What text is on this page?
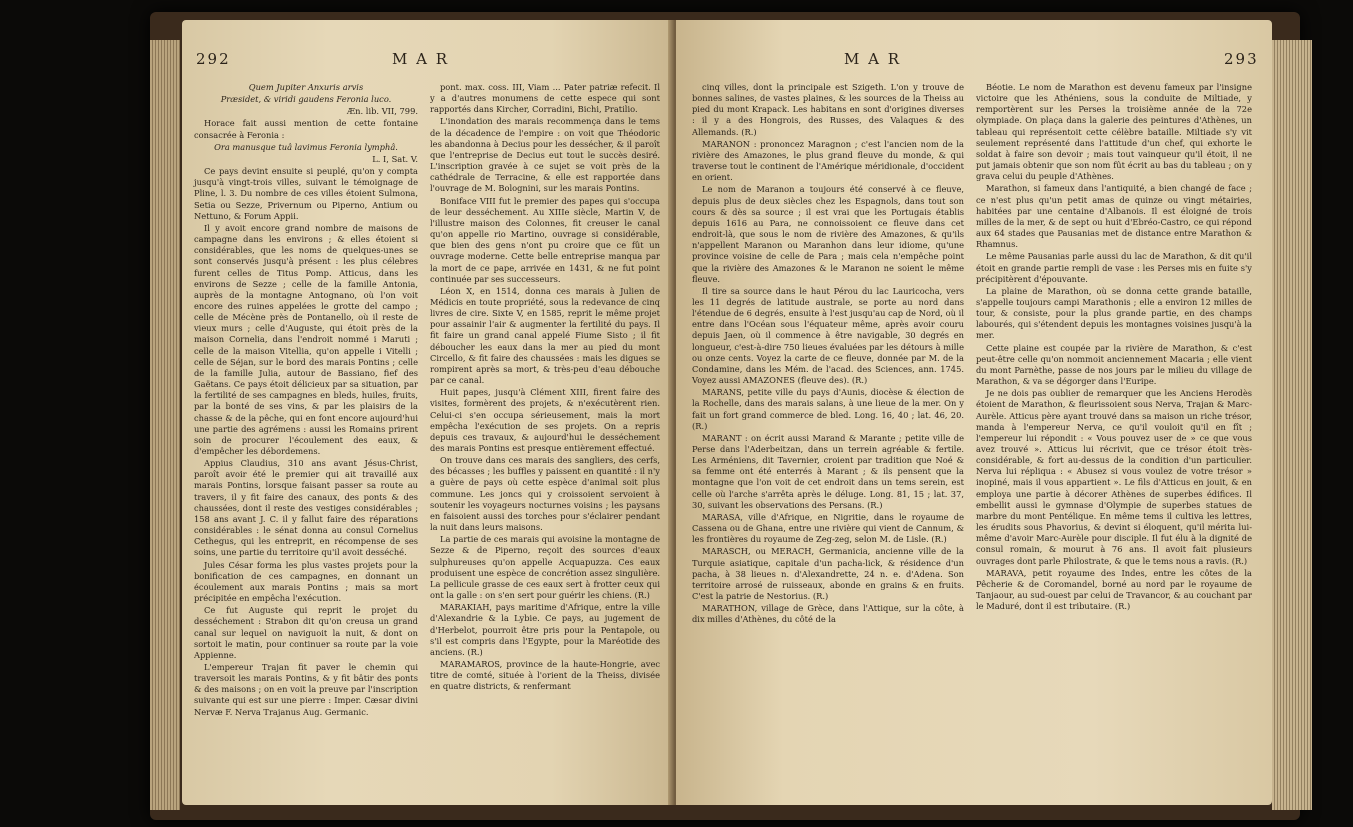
292	M A R

Quem Jupiter Anxuris arvis

Præsidet, & viridi gaudens Feronia luco.

Æn. lib. VII, 799.

Horace fait aussi mention de cette fontaine consacrée à Feronia :

Ora manusque tuâ lavimus Feronia lymphâ.

L. I, Sat. V.

Ce pays devint ensuite si peuplé, qu'on y compta jusqu'à vingt-trois villes, suivant le témoignage de Pline, l. 3. Du nombre de ces villes étoient Sulmona, Setia ou Sezze, Privernum ou Piperno, Antium ou Nettuno, & Forum Appii.

Il y avoit encore grand nombre de maisons de campagne dans les environs ; & elles étoient si considérables, que les noms de quelques-unes se sont conservés jusqu'à présent : les plus célebres furent celles de Titus Pomp. Atticus, dans les environs de Sezze ; celle de la famille Antonia, auprès de la montagne Antognano, où l'on voit encore des ruines appelées le grotte del campo ; celle de Mécène près de Pontanello, où il reste de vieux murs ; celle d'Auguste, qui étoit près de la maison Cornelia, dans l'endroit nommé i Maruti ; celle de la maison Vitellia, qu'on appelle i Vitelli ; celle de Séjan, sur le bord des marais Pontins ; celle de la famille Julia, autour de Bassiano, fief des Gaëtans. Ce pays étoit délicieux par sa situation, par la fertilité de ses campagnes en bleds, huiles, fruits, par la bonté de ses vins, & par les plaisirs de la chasse & de la pêche, qui en font encore aujourd'hui une partie des agrémens : aussi les Romains prirent soin de procurer l'écoulement des eaux, & d'empêcher les débordemens.

Appius Claudius, 310 ans avant Jésus-Christ, paroît avoir été le premier qui ait travaillé aux marais Pontins, lorsque faisant passer sa route au travers, il y fit faire des canaux, des ponts & des chaussées, dont il reste des vestiges considérables ; 158 ans avant J. C. il y fallut faire des réparations considérables : le sénat donna au consul Cornelius Cethegus, qui les entreprit, en récompense de ses soins, une partie du territoire qu'il avoit desséché.

Jules César forma les plus vastes projets pour la bonification de ces campagnes, en donnant un écoulement aux marais Pontins ; mais sa mort précipitée en empêcha l'exécution.

Ce fut Auguste qui reprit le projet du desséchement : Strabon dit qu'on creusa un grand canal sur lequel on naviguoit la nuit, & dont on sortoit le matin, pour continuer sa route par la voie Appienne.

L'empereur Trajan fit paver le chemin qui traversoit les marais Pontins, & y fit bâtir des ponts & des maisons ; on en voit la preuve par l'inscription suivante qui est sur une pierre : Imper. Cæsar divini Nervæ F. Nerva Trajanus Aug. Germanic.

pont. max. coss. III, Viam ... Pater patriæ refecit. Il y a d'autres monumens de cette espece qui sont rapportés dans Kircher, Corradini, Bichi, Pratilio.

L'inondation des marais recommença dans le tems de la décadence de l'empire : on voit que Théodoric les abandonna à Decius pour les dessécher, & il paroît que l'entreprise de Decius eut tout le succès desiré. L'inscription gravée à ce sujet se voit près de la cathédrale de Terracine, & elle est rapportée dans l'ouvrage de M. Bolognini, sur les marais Pontins.

Boniface VIII fut le premier des papes qui s'occupa de leur desséchement. Au XIIIe siècle, Martin V, de l'illustre maison des Colonnes, fit creuser le canal qu'on appelle rio Martino, ouvrage si considérable, que bien des gens n'ont pu croire que ce fût un ouvrage moderne. Cette belle entreprise manqua par la mort de ce pape, arrivée en 1431, & ne fut point continuée par ses successeurs.

Léon X, en 1514, donna ces marais à Julien de Médicis en toute propriété, sous la redevance de cinq livres de cire. Sixte V, en 1585, reprit le même projet pour assainir l'air & augmenter la fertilité du pays. Il fit faire un grand canal appelé Fiume Sisto ; il fit déboucher les eaux dans la mer au pied du mont Circello, & fit faire des chaussées : mais les digues se rompirent après sa mort, & très-peu d'eau débouche par ce canal.

Huit papes, jusqu'à Clément XIII, firent faire des visites, formèrent des projets, & n'exécutèrent rien. Celui-ci s'en occupa sérieusement, mais la mort empêcha l'exécution de ses projets. On a repris depuis ces travaux, & aujourd'hui le desséchement des marais Pontins est presque entièrement effectué.

On trouve dans ces marais des sangliers, des cerfs, des bécasses ; les buffles y paissent en quantité : il n'y a guère de pays où cette espèce d'animal soit plus commune. Les joncs qui y croissoient servoient à soutenir les voyageurs nocturnes voisins ; les paysans en faisoient aussi des torches pour s'éclairer pendant la nuit dans leurs maisons.

La partie de ces marais qui avoisine la montagne de Sezze & de Piperno, reçoit des sources d'eaux sulphureuses qu'on appelle Acquapuzza. Ces eaux produisent une espèce de concrétion assez singulière. La pellicule grasse de ces eaux sert à frotter ceux qui ont la galle : on s'en sert pour guérir les chiens. (R.)

MARAKIAH, pays maritime d'Afrique, entre la ville d'Alexandrie & la Lybie. Ce pays, au jugement de d'Herbelot, pourroit être pris pour la Pentapole, ou s'il est compris dans l'Egypte, pour la Maréotide des anciens. (R.)

MARAMAROS, province de la haute-Hongrie, avec titre de comté, située à l'orient de la Theiss, divisée en quatre districts, & renfermant

M A R	293

cinq villes, dont la principale est Szigeth. L'on y trouve de bonnes salines, de vastes plaines, & les sources de la Theiss au pied du mont Krapack. Les habitans en sont d'origines diverses : il y a des Hongrois, des Russes, des Valaques & des Allemands. (R.)

MARANON : prononcez Maragnon ; c'est l'ancien nom de la rivière des Amazones, le plus grand fleuve du monde, & qui traverse tout le continent de l'Amérique méridionale, d'occident en orient.

Le nom de Maranon a toujours été conservé à ce fleuve, depuis plus de deux siècles chez les Espagnols, dans tout son cours & dès sa source ; il est vrai que les Portugais établis depuis 1616 au Para, ne connoissoient ce fleuve dans cet endroit-là, que sous le nom de rivière des Amazones, & qu'ils n'appellent Maranon ou Maranhon dans leur idiome, qu'une province voisine de celle de Para ; mais cela n'empêche point que la rivière des Amazones & le Maranon ne soient le même fleuve.

Il tire sa source dans le haut Pérou du lac Lauricocha, vers les 11 degrés de latitude australe, se porte au nord dans l'étendue de 6 degrés, ensuite à l'est jusqu'au cap de Nord, où il entre dans l'Océan sous l'équateur même, après avoir couru depuis Jaen, où il commence à être navigable, 30 degrés en longueur, c'est-à-dire 750 lieues évaluées par les détours à mille ou onze cents. Voyez la carte de ce fleuve, donnée par M. de la Condamine, dans les Mém. de l'acad. des Sciences, ann. 1745. Voyez aussi AMAZONES (fleuve des). (R.)

MARANS, petite ville du pays d'Aunis, diocèse & élection de la Rochelle, dans des marais salans, à une lieue de la mer. On y fait un fort grand commerce de bled. Long. 16, 40 ; lat. 46, 20. (R.)

MARANT : on écrit aussi Marand & Marante ; petite ville de Perse dans l'Aderbeitzan, dans un terrein agréable & fertile. Les Arméniens, dit Tavernier, croient par tradition que Noé & sa femme ont été enterrés à Marant ; & ils pensent que la montagne que l'on voit de cet endroit dans un tems serein, est celle où l'arche s'arrêta après le déluge. Long. 81, 15 ; lat. 37, 30, suivant les observations des Persans. (R.)

MARASA, ville d'Afrique, en Nigritie, dans le royaume de Cassena ou de Ghana, entre une rivière qui vient de Cannum, & les frontières du royaume de Zeg-zeg, selon M. de Lisle. (R.)

MARASCH, ou MERACH, Germanicia, ancienne ville de la Turquie asiatique, capitale d'un pacha-lick, & résidence d'un pacha, à 38 lieues n. d'Alexandrette, 24 n. e. d'Adena. Son territoire arrosé de ruisseaux, abonde en grains & en fruits. C'est la patrie de Nestorius. (R.)

MARATHON, village de Grèce, dans l'Attique, sur la côte, à dix milles d'Athènes, du côté de la

Béotie. Le nom de Marathon est devenu fameux par l'insigne victoire que les Athéniens, sous la conduite de Miltiade, y remportèrent sur les Perses la troisième année de la 72e olympiade. On plaça dans la galerie des peintures d'Athènes, un tableau qui représentoit cette célèbre bataille. Miltiade s'y vit seulement représenté dans l'attitude d'un chef, qui exhorte le soldat à faire son devoir ; mais tout vainqueur qu'il étoit, il ne put jamais obtenir que son nom fût écrit au bas du tableau ; on y grava celui du peuple d'Athènes.

Marathon, si fameux dans l'antiquité, a bien changé de face ; ce n'est plus qu'un petit amas de quinze ou vingt métairies, habitées par une centaine d'Albanois. Il est éloigné de trois milles de la mer, & de sept ou huit d'Ebréo-Castro, ce qui répond aux 64 stades que Pausanias met de distance entre Marathon & Rhamnus.

Le même Pausanias parle aussi du lac de Marathon, & dit qu'il étoit en grande partie rempli de vase : les Perses mis en fuite s'y précipitèrent d'épouvante.

La plaine de Marathon, où se donna cette grande bataille, s'appelle toujours campi Marathonis ; elle a environ 12 milles de tour, & consiste, pour la plus grande partie, en des champs labourés, qui s'étendent depuis les montagnes voisines jusqu'à la mer.

Cette plaine est coupée par la rivière de Marathon, & c'est peut-être celle qu'on nommoit anciennement Macaria ; elle vient du mont Parnèthe, passe de nos jours par le milieu du village de Marathon, & va se dégorger dans l'Euripe.

Je ne dois pas oublier de remarquer que les Anciens Herodès étoient de Marathon, & fleurissoient sous Nerva, Trajan & Marc-Aurèle. Atticus père ayant trouvé dans sa maison un riche trésor, manda à l'empereur Nerva, ce qu'il vouloit qu'il en fît ; l'empereur lui répondit : « Vous pouvez user de » ce que vous avez trouvé ». Atticus lui récrivit, que ce trésor étoit très-considérable, & fort au-dessus de la condition d'un particulier. Nerva lui répliqua : « Abusez si vous voulez de votre trésor » inopiné, mais il vous appartient ». Le fils d'Atticus en jouit, & en employa une partie à décorer Athènes de superbes édifices. Il embellit aussi le gymnase d'Olympie de superbes statues de marbre du mont Pentélique. En même tems il cultiva les lettres, les érudits sous Phavorius, & devint si éloquent, qu'il mérita lui-même d'avoir Marc-Aurèle pour disciple. Il fut élu à la dignité de consul romain, & mourut à 76 ans. Il avoit fait plusieurs ouvrages dont parle Philostrate, & que le tems nous a ravis. (R.)

MARAVA, petit royaume des Indes, entre les côtes de la Pêcherie & de Coromandel, borné au nord par le royaume de Tanjaour, au sud-ouest par celui de Travancor, & au couchant par le Maduré, dont il est tributaire. (R.)
